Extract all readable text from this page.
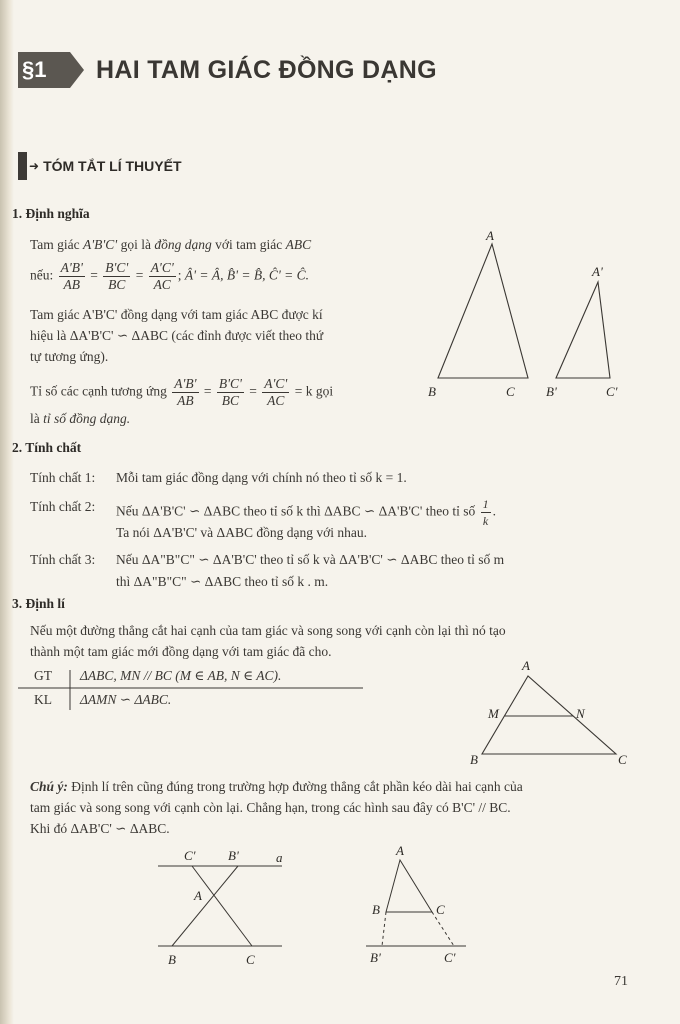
§1	HAI TAM GIÁC ĐỒNG DẠNG
➜ TÓM TẮT LÍ THUYẾT
1. Định nghĩa
Tam giác A'B'C' gọi là đồng dạng với tam giác ABC
nếu: $\frac{A'B'}{AB} = \frac{B'C'}{BC} = \frac{A'C'}{AC}$ ; Â' = Â, B̂' = B̂, Ĉ' = Ĉ.
Tam giác A'B'C' đồng dạng với tam giác ABC được kí
hiệu là ΔA'B'C' ∽ ΔABC (các đỉnh được viết theo thứ
tự tương ứng).
Tỉ số các cạnh tương ứng $\frac{A'B'}{AB} = \frac{B'C'}{BC} = \frac{A'C'}{AC} = k$ gọi
là tỉ số đồng dạng.
A
B	C
A'
B'	C'
2. Tính chất
Tính chất 1: Mỗi tam giác đồng dạng với chính nó theo tỉ số k = 1.
Tính chất 2: Nếu ΔA'B'C' ∽ ΔABC theo tỉ số k thì ΔABC ∽ ΔA'B'C' theo tỉ số $\frac{1}{k}$ .
Ta nói ΔA'B'C' và ΔABC đồng dạng với nhau.
Tính chất 3: Nếu ΔA"B"C" ∽ ΔA'B'C' theo tỉ số k và ΔA'B'C' ∽ ΔABC theo tỉ số m
thì ΔA"B"C" ∽ ΔABC theo tỉ số k . m.
3. Định lí
Nếu một đường thẳng cắt hai cạnh của tam giác và song song với cạnh còn lại thì nó tạo
thành một tam giác mới đồng dạng với tam giác đã cho.
GT ΔABC, MN // BC (M ∈ AB, N ∈ AC).
KL ΔAMN ∽ ΔABC.
A
M	N
B	C
Chú ý: Định lí trên cũng đúng trong trường hợp đường thẳng cắt phần kéo dài hai cạnh của
tam giác và song song với cạnh còn lại. Chẳng hạn, trong các hình sau đây có B'C' // BC.
Khi đó ΔAB'C' ∽ ΔABC.
C'	B'	a
A
B	C
A
B	C
B'	C'
71
